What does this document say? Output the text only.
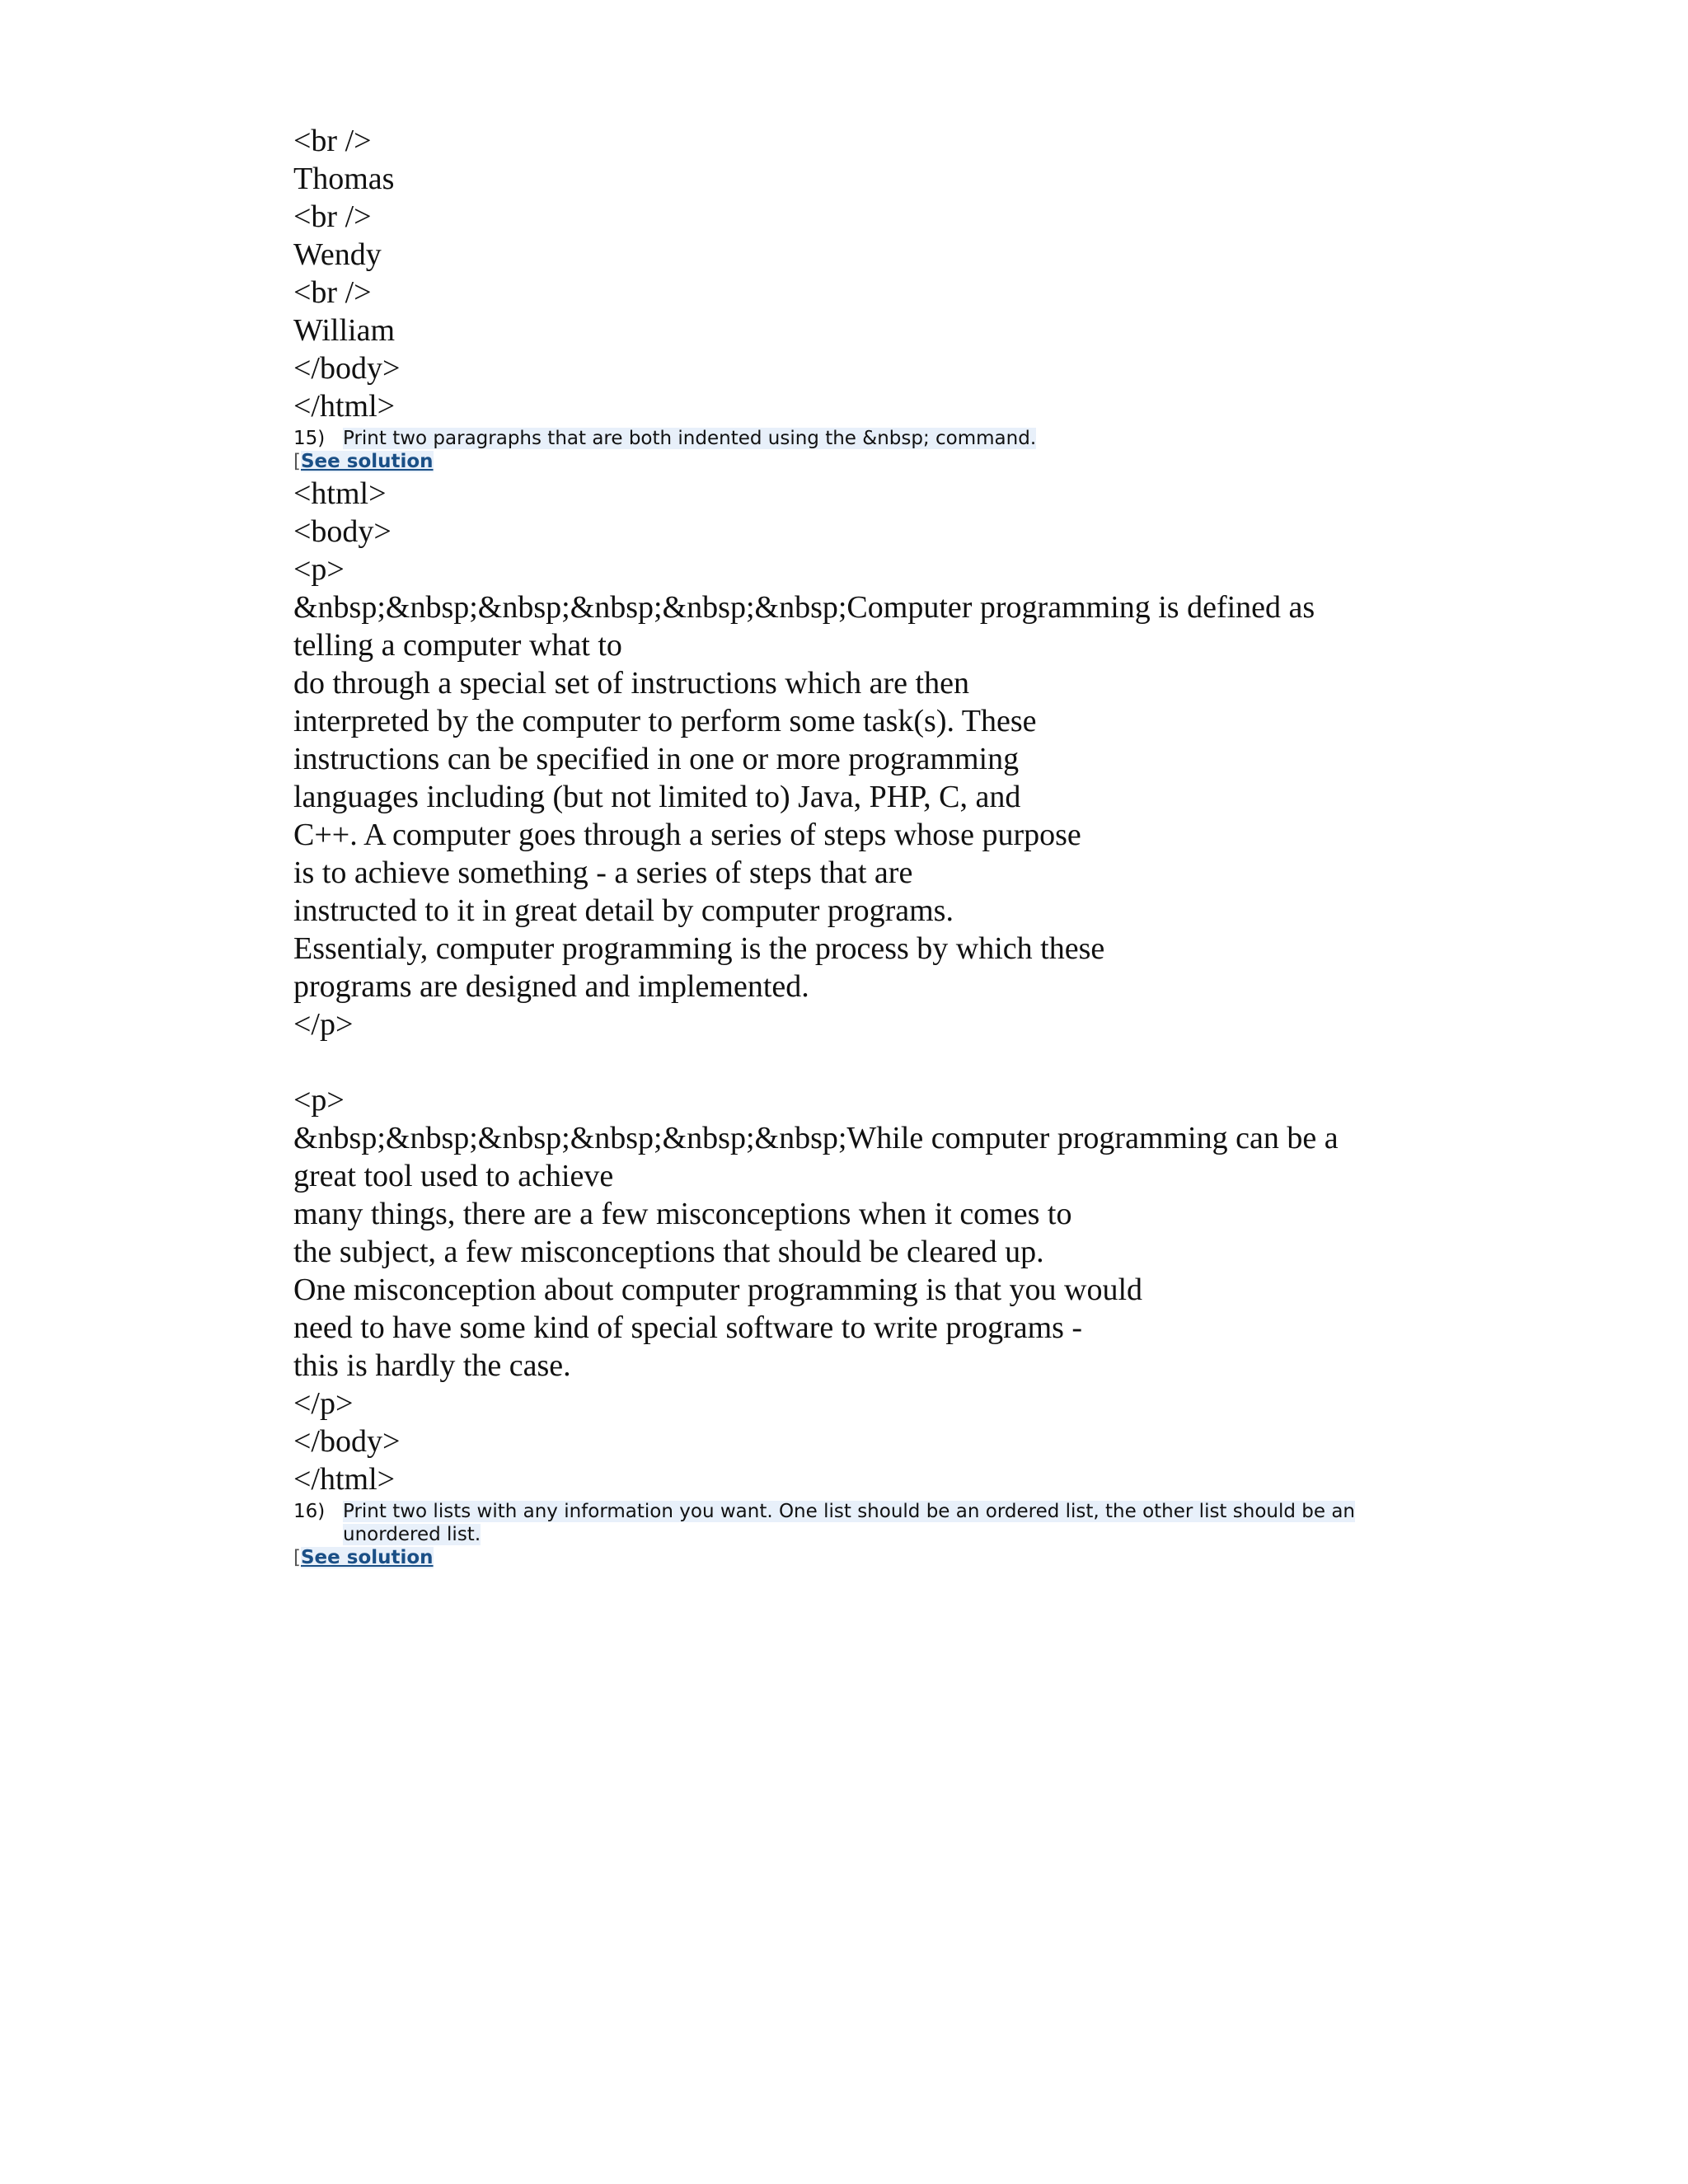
<br />
Thomas
<br />
Wendy
<br />
William
</body>
</html>
15) Print two paragraphs that are both indented using the &nbsp; command.
[See solution
<html>
<body>
<p>
&nbsp;&nbsp;&nbsp;&nbsp;&nbsp;&nbsp;Computer programming is defined as
telling a computer what to
do through a special set of instructions which are then
interpreted by the computer to perform some task(s). These
instructions can be specified in one or more programming
languages including (but not limited to) Java, PHP, C, and
C++. A computer goes through a series of steps whose purpose
is to achieve something - a series of steps that are
instructed to it in great detail by computer programs.
Essentialy, computer programming is the process by which these
programs are designed and implemented.
</p>
<p>
&nbsp;&nbsp;&nbsp;&nbsp;&nbsp;&nbsp;While computer programming can be a
great tool used to achieve
many things, there are a few misconceptions when it comes to
the subject, a few misconceptions that should be cleared up.
One misconception about computer programming is that you would
need to have some kind of special software to write programs -
this is hardly the case.
</p>
</body>
</html>
16) Print two lists with any information you want. One list should be an ordered list, the other list should be an unordered list.
[See solution
